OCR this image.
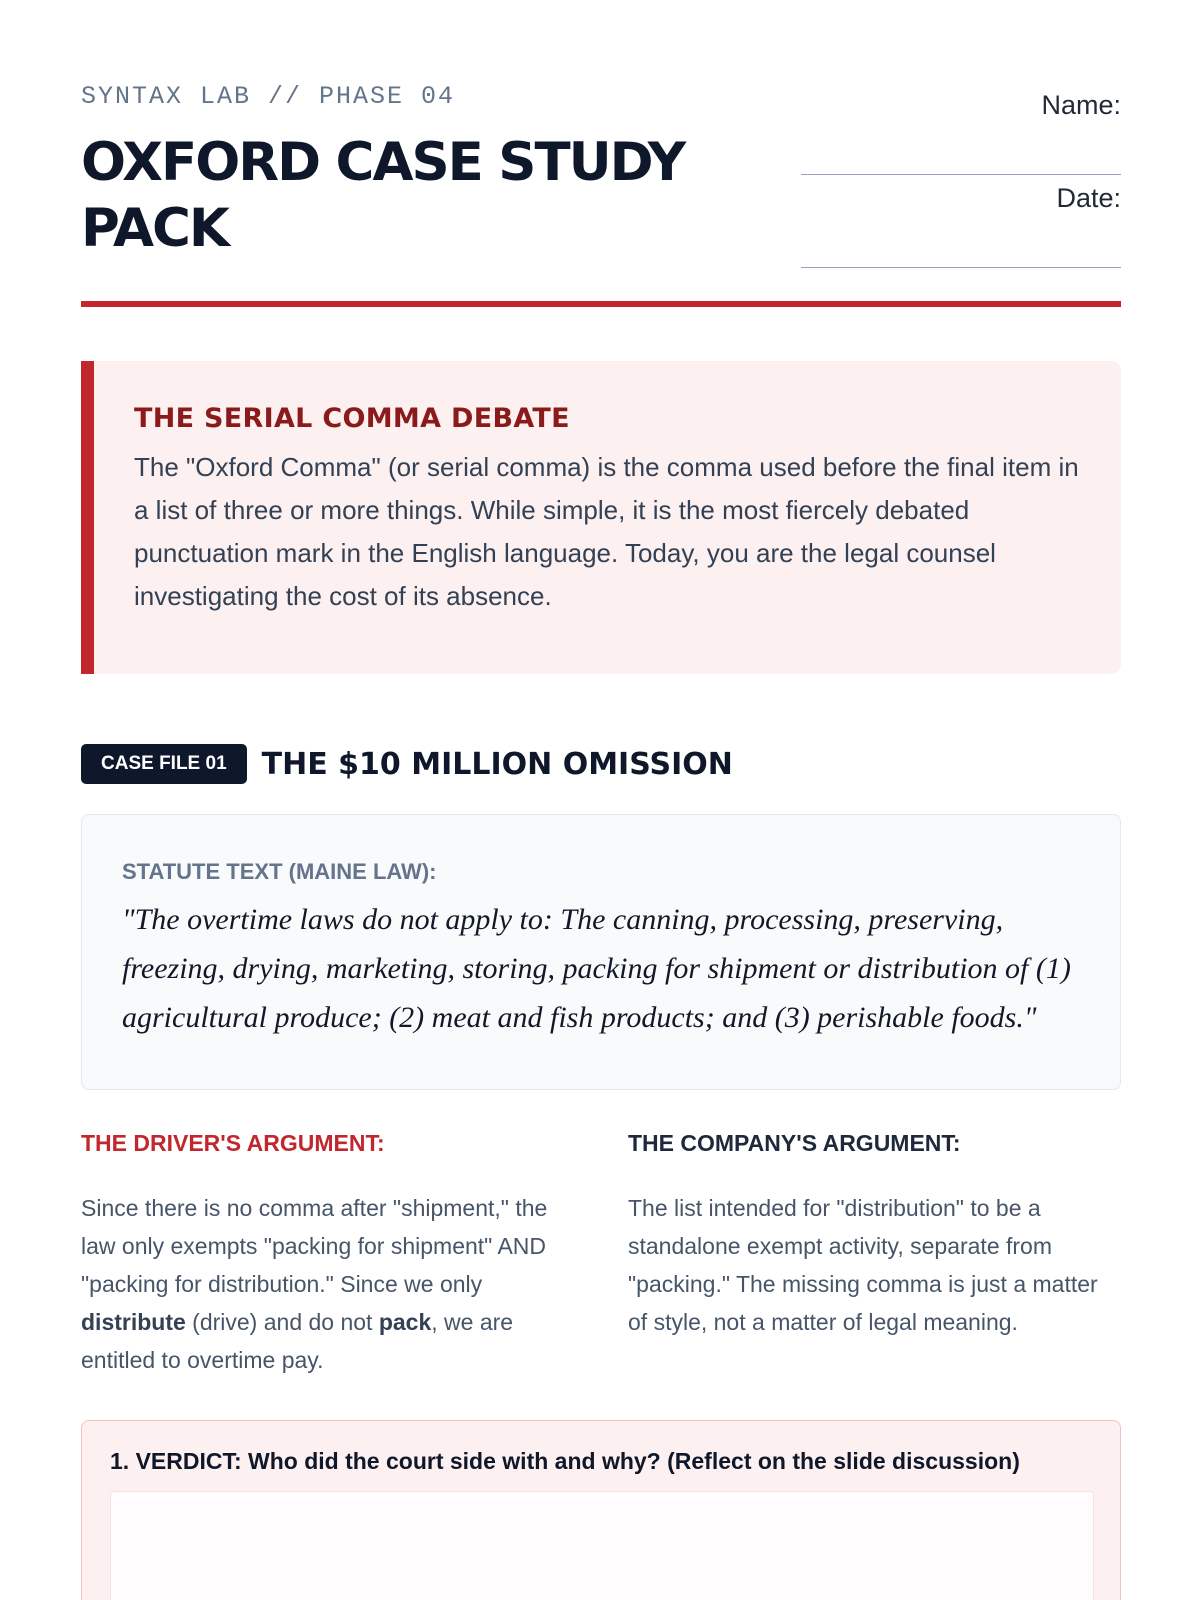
SYNTAX LAB // PHASE 04
OXFORD CASE STUDY PACK
Name:
Date:
THE SERIAL COMMA DEBATE

The "Oxford Comma" (or serial comma) is the comma used before the final item in a list of three or more things. While simple, it is the most fiercely debated punctuation mark in the English language. Today, you are the legal counsel investigating the cost of its absence.

CASE FILE 01	THE $10 MILLION OMISSION
STATUTE TEXT (MAINE LAW):

"The overtime laws do not apply to: The canning, processing, preserving, freezing, drying, marketing, storing, packing for shipment or distribution of (1) agricultural produce; (2) meat and fish products; and (3) perishable foods."

THE DRIVER'S ARGUMENT:

Since there is no comma after "shipment," the law only exempts "packing for shipment" AND "packing for distribution." Since we only distribute (drive) and do not pack, we are entitled to overtime pay.

THE COMPANY'S ARGUMENT:

The list intended for "distribution" to be a standalone exempt activity, separate from "packing." The missing comma is just a matter of style, not a matter of legal meaning.

1. VERDICT: Who did the court side with and why? (Reflect on the slide discussion)
